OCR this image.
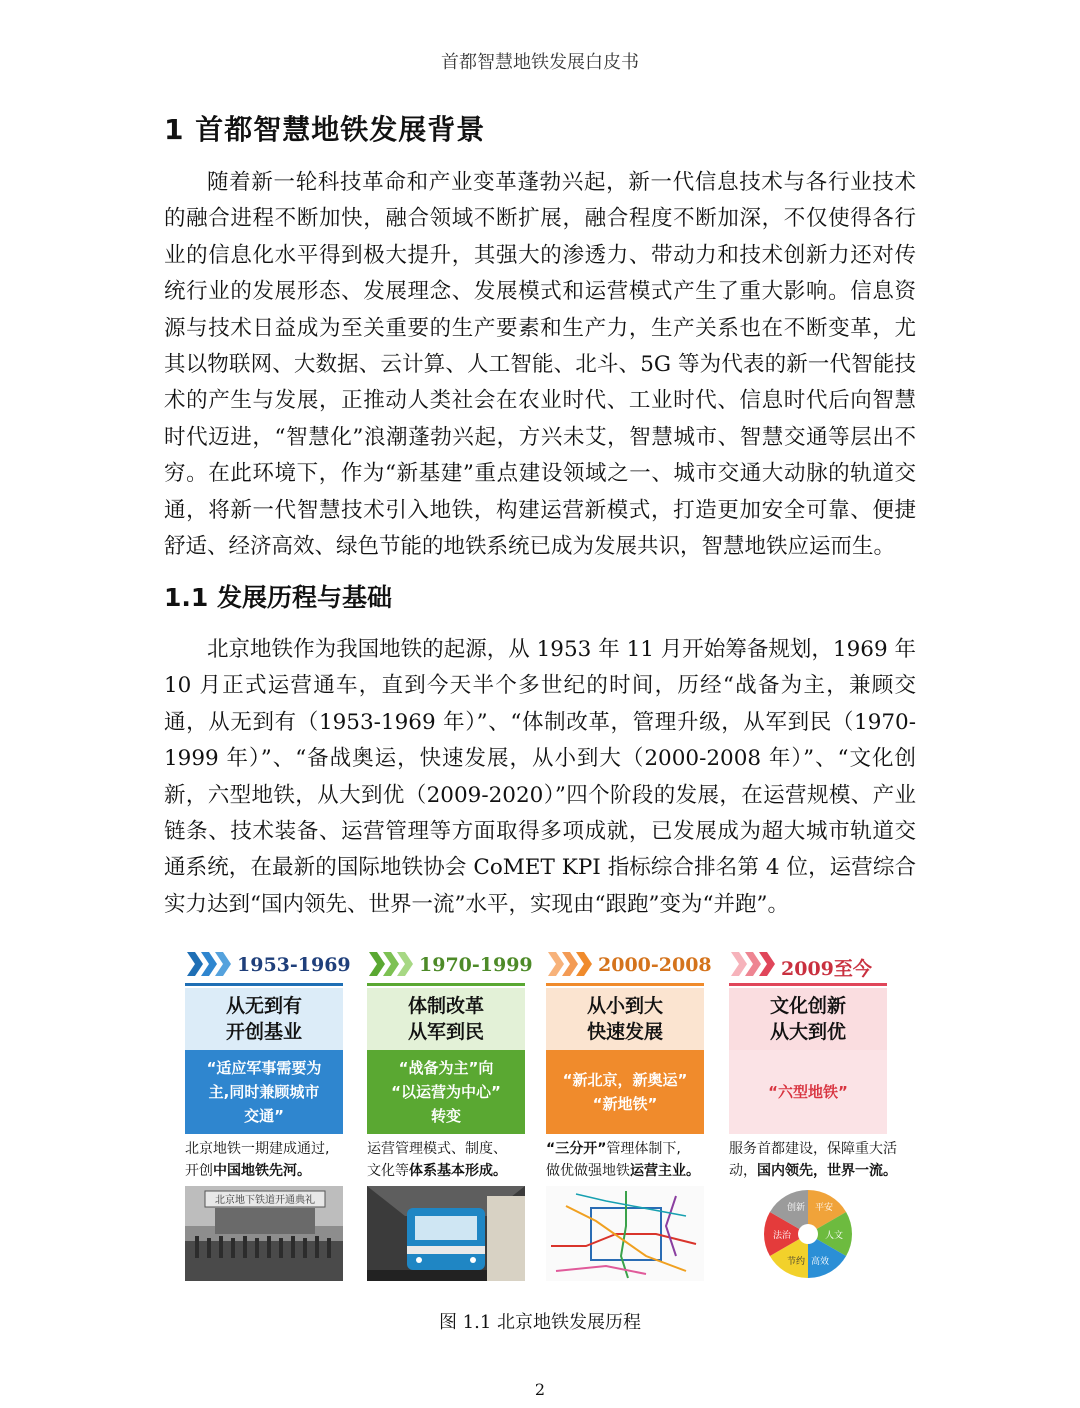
首都智慧地铁发展白皮书
1 首都智慧地铁发展背景

随着新一轮科技革命和产业变革蓬勃兴起，新一代信息技术与各行业技术的融合进程不断加快，融合领域不断扩展，融合程度不断加深，不仅使得各行业的信息化水平得到极大提升，其强大的渗透力、带动力和技术创新力还对传统行业的发展形态、发展理念、发展模式和运营模式产生了重大影响。信息资源与技术日益成为至关重要的生产要素和生产力，生产关系也在不断变革，尤其以物联网、大数据、云计算、人工智能、北斗、5G 等为代表的新一代智能技术的产生与发展，正推动人类社会在农业时代、工业时代、信息时代后向智慧时代迈进，“智慧化”浪潮蓬勃兴起，方兴未艾，智慧城市、智慧交通等层出不穷。在此环境下，作为“新基建”重点建设领域之一、城市交通大动脉的轨道交通，将新一代智慧技术引入地铁，构建运营新模式，打造更加安全可靠、便捷舒适、经济高效、绿色节能的地铁系统已成为发展共识，智慧地铁应运而生。

1.1 发展历程与基础

北京地铁作为我国地铁的起源，从 1953 年 11 月开始筹备规划，1969 年 10 月正式运营通车，直到今天半个多世纪的时间，历经“战备为主，兼顾交通，从无到有（1953-1969 年）”、“体制改革，管理升级，从军到民（1970-1999 年）”、“备战奥运，快速发展，从小到大（2000-2008 年）”、“文化创新，六型地铁，从大到优（2009-2020）”四个阶段的发展，在运营规模、产业链条、技术装备、运营管理等方面取得多项成就，已发展成为超大城市轨道交通系统，在最新的国际地铁协会 CoMET KPI 指标综合排名第 4 位，运营综合实力达到“国内领先、世界一流”水平，实现由“跟跑”变为“并跑”。

1953-1969
从无到有
开创基业
“适应军事需要为
主,同时兼顾城市
交通”
北京地铁一期建成通过,
开创中国地铁先河。
北京地下铁道开通典礼
1970-1999
体制改革
从军到民
“战备为主”向
“以运营为中心”
转变
运营管理模式、制度、
文化等体系基本形成。
2000-2008
从小到大
快速发展
“新北京，新奥运”
“新地铁”
“三分开”管理体制下,
做优做强地铁运营主业。
2009至今
文化创新
从大到优
“六型地铁”
服务首都建设，保障重大活
动，国内领先，世界一流。
创新 平安
人文
高效
节约
法治
图 1.1 北京地铁发展历程
2
